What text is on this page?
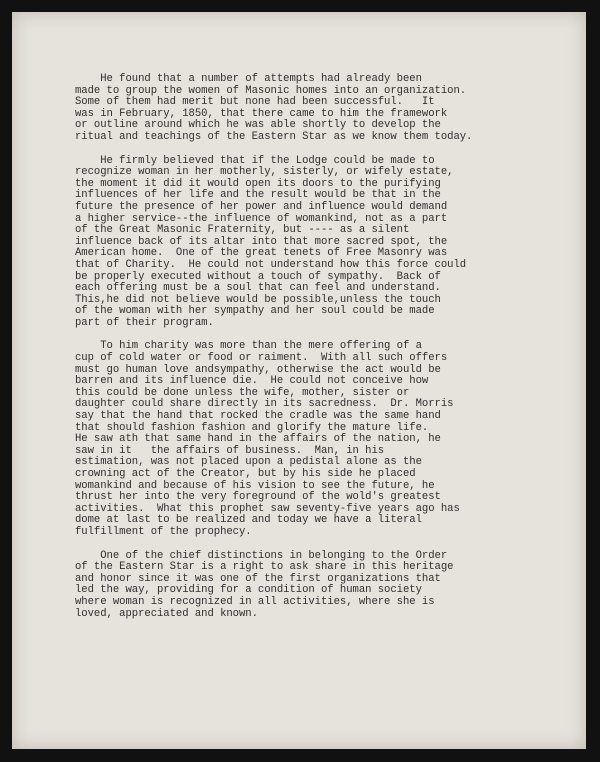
He found that a number of attempts had already been
made to group the women of Masonic homes into an organization.
Some of them had merit but none had been successful.   It
was in February, 1850, that there came to him the framework
or outline around which he was able shortly to develop the
ritual and teachings of the Eastern Star as we know them today.
He firmly believed that if the Lodge could be made to
recognize woman in her motherly, sisterly, or wifely estate,
the moment it did it would open its doors to the purifying
influences of her life and the result would be that in the
future the presence of her power and influence would demand
a higher service--the influence of womankind, not as a part
of the Great Masonic Fraternity, but ---- as a silent
influence back of its altar into that more sacred spot, the
American home.  One of the great tenets of Free Masonry was
that of Charity.  He could not understand how this force could
be properly executed without a touch of sympathy.  Back of
each offering must be a soul that can feel and understand.
This,he did not believe would be possible,unless the touch
of the woman with her sympathy and her soul could be made
part of their program.
To him charity was more than the mere offering of a
cup of cold water or food or raiment.  With all such offers
must go human love andsympathy, otherwise the act would be
barren and its influence die.  He could not conceive how
this could be done unless the wife, mother, sister or
daughter could share directly in its sacredness.  Dr. Morris
say that the hand that rocked the cradle was the same hand
that should fashion fashion and glorify the mature life.
He saw ath that same hand in the affairs of the nation, he
saw in it   the affairs of business.  Man, in his
estimation, was not placed upon a pedistal alone as the
crowning act of the Creator, but by his side he placed
womankind and because of his vision to see the future, he
thrust her into the very foreground of the wold's greatest
activities.  What this prophet saw seventy-five years ago has
dome at last to be realized and today we have a literal
fulfillment of the prophecy.
One of the chief distinctions in belonging to the Order
of the Eastern Star is a right to ask share in this heritage
and honor since it was one of the first organizations that
led the way, providing for a condition of human society
where woman is recognized in all activities, where she is
loved, appreciated and known.
